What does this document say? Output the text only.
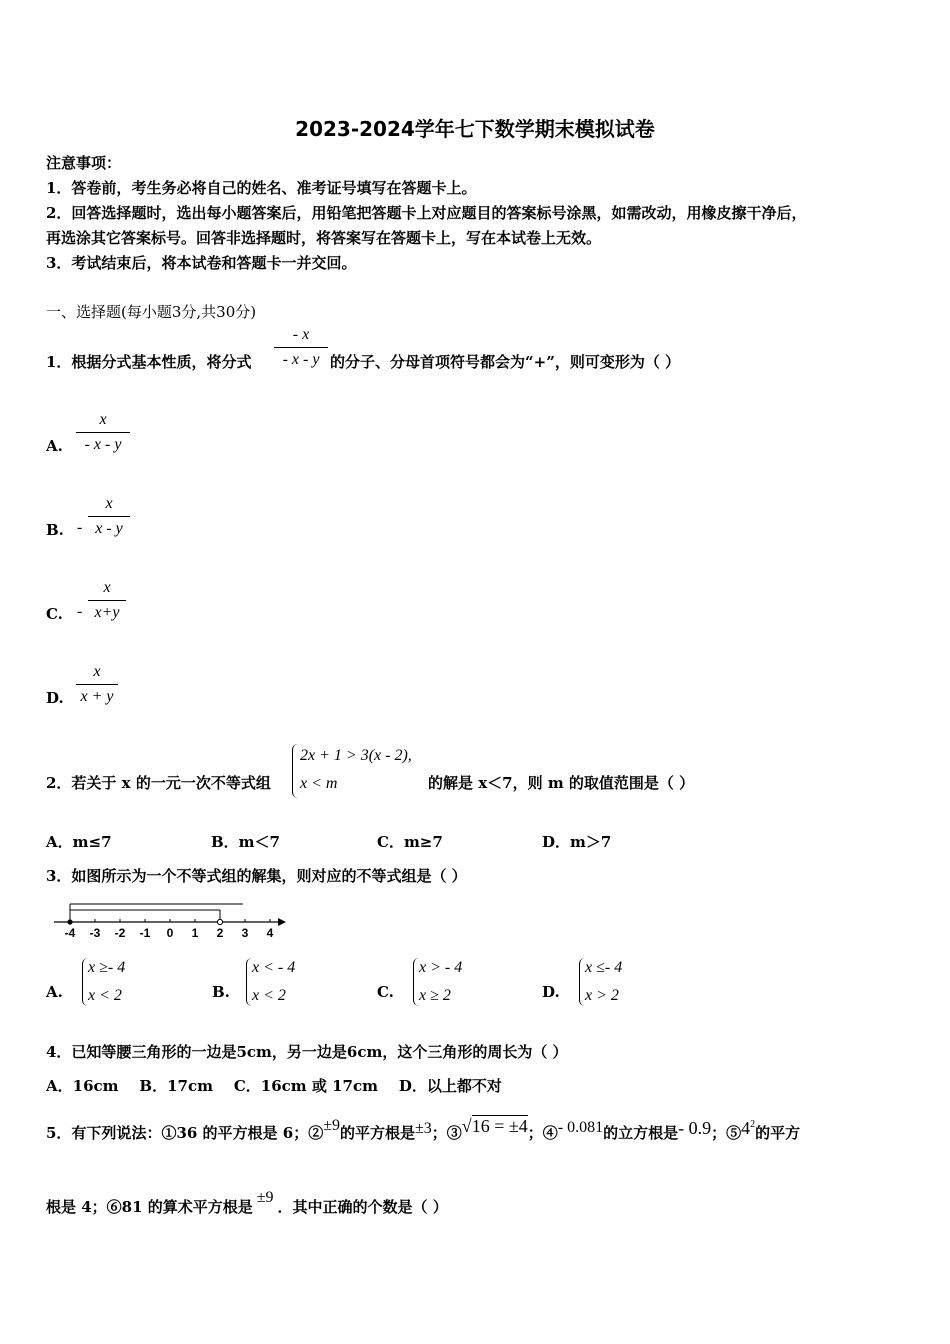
2023-2024学年七下数学期末模拟试卷
注意事项：
1．答卷前，考生务必将自己的姓名、准考证号填写在答题卡上。
2．回答选择题时，选出每小题答案后，用铅笔把答题卡上对应题目的答案标号涂黑，如需改动，用橡皮擦干净后，
再选涂其它答案标号。回答非选择题时，将答案写在答题卡上，写在本试卷上无效。
3．考试结束后，将本试卷和答题卡一并交回。
一、选择题(每小题3分,共30分)
1．根据分式基本性质，将分式
- x
- x - y 的分子、分母首项符号都会为“+”，则可变形为（ ）
A.
x
- x - y
B. -
x
x - y
C. -
x
x+y
D.
x
x + y
2．若关于 x 的一元一次不等式组
2x + 1 > 3(x - 2),
x < m	的解是 x＜7，则 m 的取值范围是（ ）
A．m≤7	B．m＜7	C．m≥7	D．m＞7
3．如图所示为一个不等式组的解集，则对应的不等式组是（ ）
-4 -3 -2 -1 0 1 2 3 4
A.
x ≥- 4
x < 2	B.
x < - 4
x < 2	C.
x > - 4
x ≥ 2	D.
x ≤- 4
x > 2
4．已知等腰三角形的一边是5cm，另一边是6cm，这个三角形的周长为（ ）
A．16cm    B．17cm    C．16cm 或 17cm    D．以上都不对
5．有下列说法：①36 的平方根是 6；② ±9 的平方根是 ±3 ；③ √16 = ±4 ；④ - 0.081 的立方根是 - 0.9 ；⑤ $4^2$ 的平方
根是 4；⑥81 的算术平方根是
±9
．其中正确的个数是（ ）
